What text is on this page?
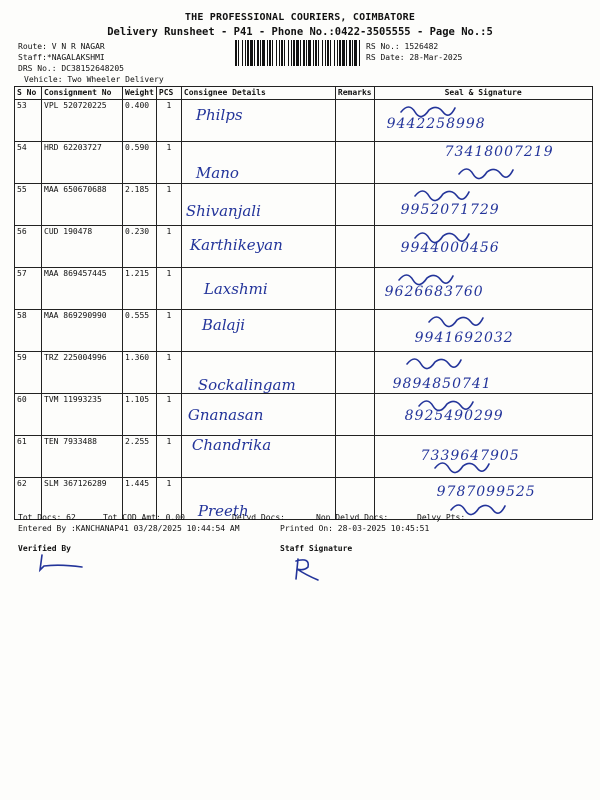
THE PROFESSIONAL COURIERS, COIMBATORE
Delivery Runsheet - P41 - Phone No.:0422-3505555 - Page No.:5
Route: V N R NAGAR
Staff:*NAGALAKSHMI
DRS No.: DC38152648205
Vehicle: Two Wheeler Delivery
RS No.: 1526482
RS Date: 28-Mar-2025
S No	Consignment No	Weight	PCS	Consignee Details	Remarks	Seal & Signature
53	VPL 520720225	0.400	1	Philps		9442258998

54	HRD 62203727	0.590	1	Mano		73418007219

55	MAA 650670688	2.185	1	Shivanjali		9952071729

56	CUD 190478	0.230	1	Karthikeyan		9944000456

57	MAA 869457445	1.215	1	Laxshmi		9626683760

58	MAA 869290990	0.555	1	Balaji		9941692032

59	TRZ 225004996	1.360	1	Sockalingam		9894850741

60	TVM 11993235	1.105	1	Gnanasan		8925490299

61	TEN 7933488	2.255	1	Chandrika		7339647905

62	SLM 367126289	1.445	1	Preeth		9787099525
Tot Docs: 62	Tot COD Amt: 0.00	Delvd Docs:	Non Delvd Docs:	Delvy Pts:
Entered By :KANCHANAP41 03/28/2025 10:44:54 AM	Printed On: 28-03-2025 10:45:51
Verified By	Staff Signature
